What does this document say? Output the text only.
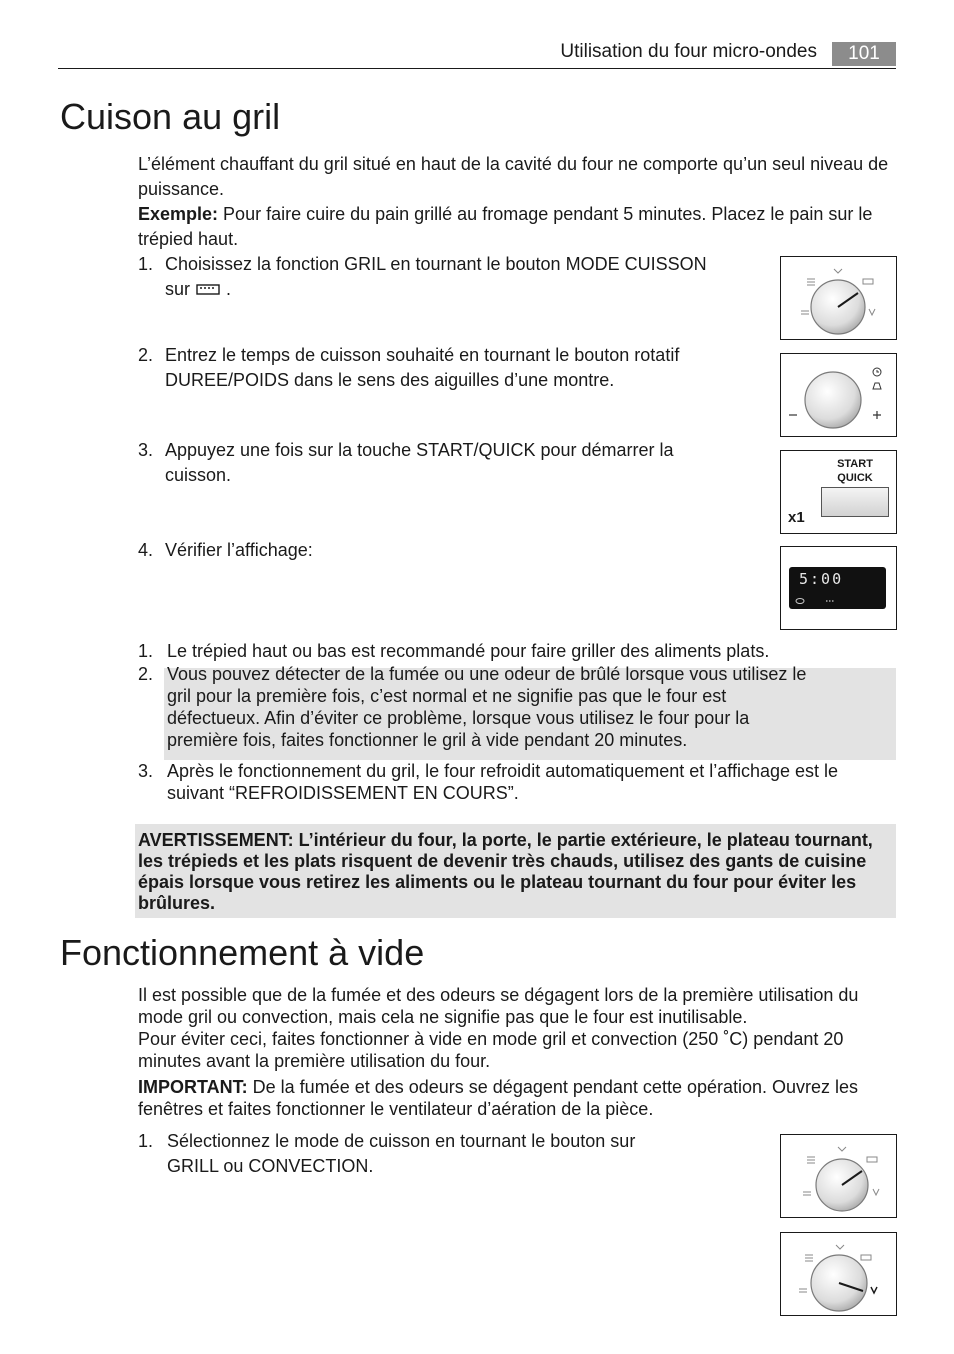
Utilisation du four micro-ondes	101
Cuison au gril
L’élément chauffant du gril situé en haut de la cavité du four ne comporte qu’un seul niveau de puissance.
Exemple: Pour faire cuire du pain grillé au fromage pendant 5 minutes. Placez le pain sur le trépied haut.
1. Choisissez la fonction GRIL en tournant le bouton MODE CUISSON
sur .
2. Entrez le temps de cuisson souhaité en tournant le bouton rotatif DUREE/POIDS dans le sens des aiguilles d’une montre.
3. Appuyez une fois sur la touche START/QUICK pour démarrer la cuisson.
4. Vérifier l’affichage:
START
QUICK
x1
5:00
1. Le trépied haut ou bas est recommandé pour faire griller des aliments plats.
2. Vous pouvez détecter de la fumée ou une odeur de brûlé lorsque vous utilisez le gril pour la première fois, c’est normal et ne signifie pas que le four est défectueux. Afin d’éviter ce problème, lorsque vous utilisez le four pour la première fois, faites fonctionner le gril à vide pendant 20 minutes.
3. Après le fonctionnement du gril, le four refroidit automatiquement et l’affichage est le suivant “REFROIDISSEMENT EN COURS”.
AVERTISSEMENT: L’intérieur du four, la porte, le partie extérieure, le plateau tournant, les trépieds et les plats risquent de devenir très chauds, utilisez des gants de cuisine épais lorsque vous retirez les aliments ou le plateau tournant du four pour éviter les brûlures.
Fonctionnement à vide
Il est possible que de la fumée et des odeurs se dégagent lors de la première utilisation du mode gril ou convection, mais cela ne signifie pas que le four est inutilisable.
Pour éviter ceci, faites fonctionner à vide en mode gril et convection (250 ˚C) pendant 20 minutes avant la première utilisation du four.
IMPORTANT: De la fumée et des odeurs se dégagent pendant cette opération. Ouvrez les fenêtres et faites fonctionner le ventilateur d’aération de la pièce.
1. Sélectionnez le mode de cuisson en tournant le bouton sur
GRILL ou CONVECTION.
